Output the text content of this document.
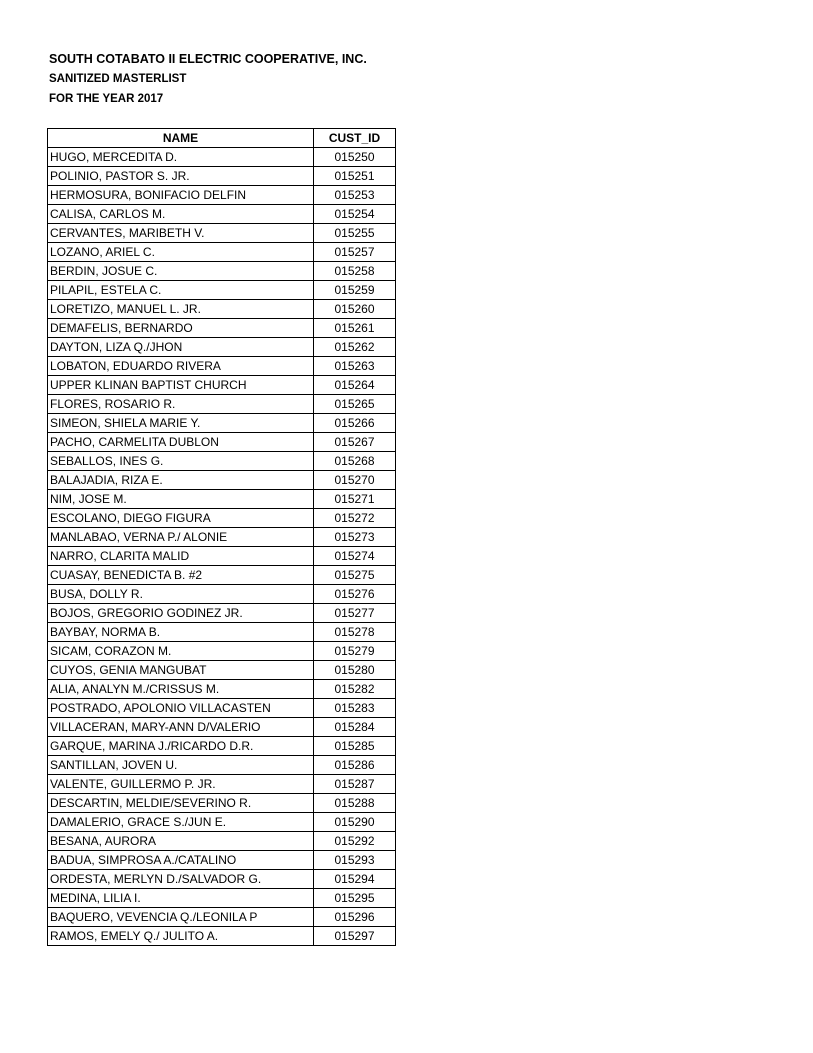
SOUTH COTABATO II ELECTRIC COOPERATIVE, INC.
SANITIZED MASTERLIST
FOR THE YEAR 2017
NAME	CUST_ID
HUGO, MERCEDITA D.	015250
POLINIO, PASTOR S. JR.	015251
HERMOSURA, BONIFACIO DELFIN	015253
CALISA, CARLOS M.	015254
CERVANTES, MARIBETH V.	015255
LOZANO, ARIEL C.	015257
BERDIN, JOSUE C.	015258
PILAPIL, ESTELA C.	015259
LORETIZO, MANUEL L. JR.	015260
DEMAFELIS, BERNARDO	015261
DAYTON, LIZA Q./JHON	015262
LOBATON, EDUARDO RIVERA	015263
UPPER KLINAN BAPTIST CHURCH	015264
FLORES, ROSARIO R.	015265
SIMEON, SHIELA MARIE Y.	015266
PACHO, CARMELITA DUBLON	015267
SEBALLOS, INES G.	015268
BALAJADIA, RIZA E.	015270
NIM, JOSE M.	015271
ESCOLANO, DIEGO FIGURA	015272
MANLABAO, VERNA P./ ALONIE	015273
NARRO, CLARITA MALID	015274
CUASAY, BENEDICTA B. #2	015275
BUSA, DOLLY R.	015276
BOJOS, GREGORIO GODINEZ JR.	015277
BAYBAY, NORMA B.	015278
SICAM, CORAZON M.	015279
CUYOS, GENIA MANGUBAT	015280
ALIA, ANALYN M./CRISSUS M.	015282
POSTRADO, APOLONIO VILLACASTEN	015283
VILLACERAN, MARY-ANN D/VALERIO	015284
GARQUE, MARINA J./RICARDO D.R.	015285
SANTILLAN, JOVEN U.	015286
VALENTE, GUILLERMO P. JR.	015287
DESCARTIN, MELDIE/SEVERINO R.	015288
DAMALERIO, GRACE S./JUN E.	015290
BESANA, AURORA	015292
BADUA, SIMPROSA A./CATALINO	015293
ORDESTA, MERLYN D./SALVADOR G.	015294
MEDINA, LILIA I.	015295
BAQUERO, VEVENCIA Q./LEONILA P	015296
RAMOS, EMELY Q./ JULITO A.	015297
